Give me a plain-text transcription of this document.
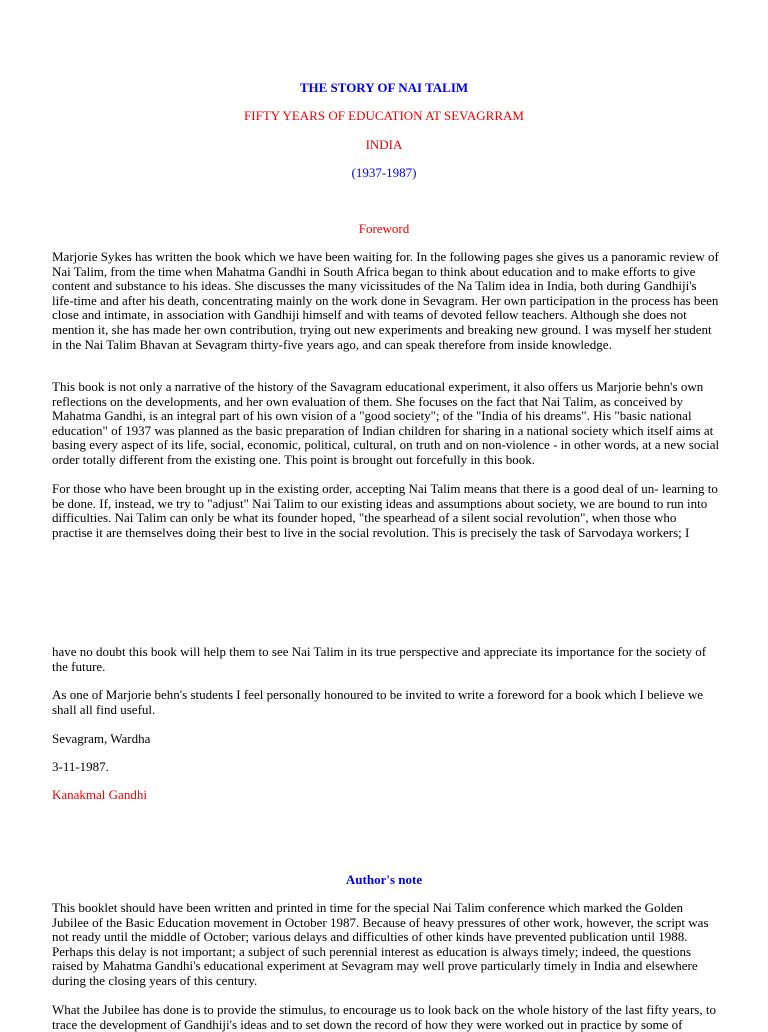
THE STORY OF NAI TALIM
FIFTY YEARS OF EDUCATION AT SEVAGRRAM
INDIA
(1937-1987)
Foreword

Marjorie Sykes has written the book which we have been waiting for. In the following pages she gives us a panoramic review of Nai Talim, from the time when Mahatma Gandhi in South Africa began to think about education and to make efforts to give content and substance to his ideas. She discusses the many vicissitudes of the Na Talim idea in India, both during Gandhiji's life-time and after his death, concentrating mainly on the work done in Sevagram. Her own participation in the process has been close and intimate, in association with Gandhiji himself and with teams of devoted fellow teachers. Although she does not mention it, she has made her own contribution, trying out new experiments and breaking new ground. I was myself her student in the Nai Talim Bhavan at Sevagram thirty-five years ago, and can speak therefore from inside knowledge.

This book is not only a narrative of the history of the Savagram educational experiment, it also offers us Marjorie behn's own reflections on the developments, and her own evaluation of them. She focuses on the fact that Nai Talim, as conceived by Mahatma Gandhi, is an integral part of his own vision of a "good society"; of the "India of his dreams". His "basic national education" of 1937 was planned as the basic preparation of Indian children for sharing in a national society which itself aims at basing every aspect of its life, social, economic, political, cultural, on truth and on non-violence - in other words, at a new social order totally different from the existing one. This point is brought out forcefully in this book.

For those who have been brought up in the existing order, accepting Nai Talim means that there is a good deal of un- learning to be done. If, instead, we try to "adjust" Nai Talim to our existing ideas and assumptions about society, we are bound to run into difficulties. Nai Talim can only be what its founder hoped, "the spearhead of a silent social revolution", when those who practise it are themselves doing their best to live in the social revolution. This is precisely the task of Sarvodaya workers; I

have no doubt this book will help them to see Nai Talim in its true perspective and appreciate its importance for the society of the future.

As one of Marjorie behn's students I feel personally honoured to be invited to write a foreword for a book which I believe we shall all find useful.

Sevagram, Wardha

3-11-1987.

Kanakmal Gandhi

Author's note

This booklet should have been written and printed in time for the special Nai Talim conference which marked the Golden Jubilee of the Basic Education movement in October 1987. Because of heavy pressures of other work, however, the script was not ready until the middle of October; various delays and difficulties of other kinds have prevented publication until 1988. Perhaps this delay is not important; a subject of such perennial interest as education is always timely; indeed, the questions raised by Mahatma Gandhi's educational experiment at Sevagram may well prove particularly timely in India and elsewhere during the closing years of this century.

What the Jubilee has done is to provide the stimulus, to encourage us to look back on the whole history of the last fifty years, to trace the development of Gandhiji's ideas and to set down the record of how they were worked out in practice by some of
